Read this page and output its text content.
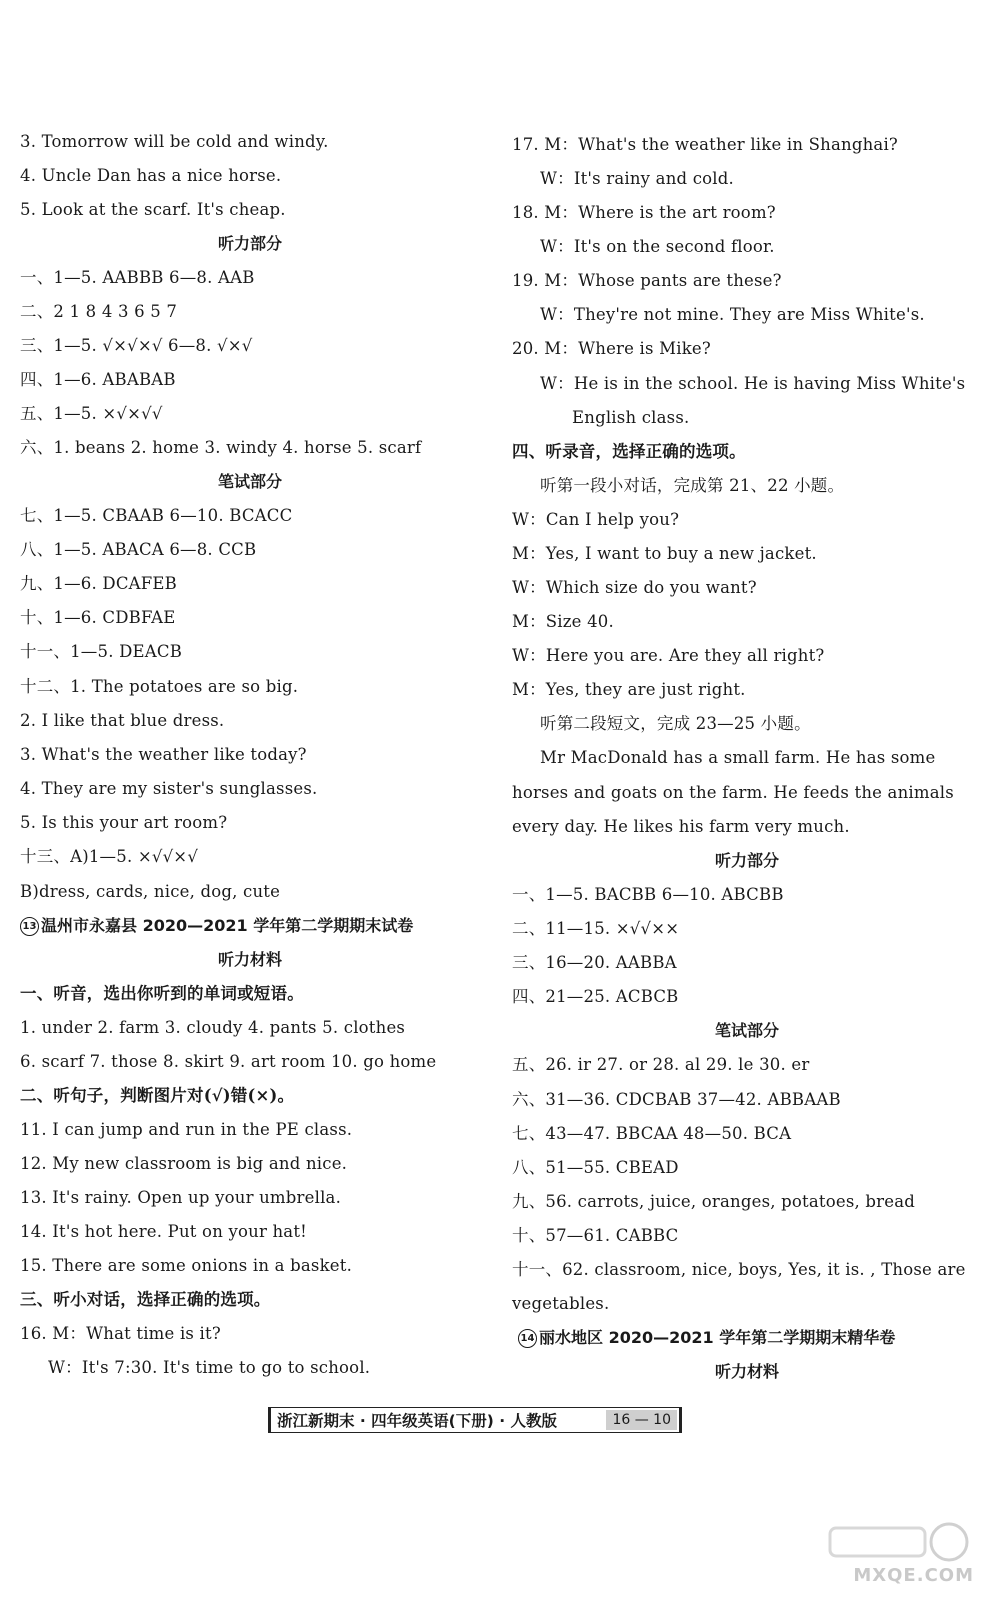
3. Tomorrow will be cold and windy.
4. Uncle Dan has a nice horse.
5. Look at the scarf. It's cheap.
听力部分
一、1—5. AABBB 6—8. AAB
二、2 1 8 4 3 6 5 7
三、1—5. √×√×√ 6—8. √×√
四、1—6. ABABAB
五、1—5. ×√×√√
六、1. beans 2. home 3. windy 4. horse 5. scarf
笔试部分
七、1—5. CBAAB 6—10. BCACC
八、1—5. ABACA 6—8. CCB
九、1—6. DCAFEB
十、1—6. CDBFAE
十一、1—5. DEACB
十二、1. The potatoes are so big.
2. I like that blue dress.
3. What's the weather like today?
4. They are my sister's sunglasses.
5. Is this your art room?
十三、A)1—5. ×√√×√
B)dress, cards, nice, dog, cute
13 温州市永嘉县 2020—2021 学年第二学期期末试卷
听力材料
一、听音，选出你听到的单词或短语。
1. under 2. farm 3. cloudy 4. pants 5. clothes
6. scarf 7. those 8. skirt 9. art room 10. go home
二、听句子，判断图片对(√)错(×)。
11. I can jump and run in the PE class.
12. My new classroom is big and nice.
13. It's rainy. Open up your umbrella.
14. It's hot here. Put on your hat!
15. There are some onions in a basket.
三、听小对话，选择正确的选项。
16. M：What time is it?
W：It's 7:30. It's time to go to school.
17. M：What's the weather like in Shanghai?
W：It's rainy and cold.
18. M：Where is the art room?
W：It's on the second floor.
19. M：Whose pants are these?
W：They're not mine. They are Miss White's.
20. M：Where is Mike?
W：He is in the school. He is having Miss White's
English class.
四、听录音，选择正确的选项。
听第一段小对话，完成第 21、22 小题。
W：Can I help you?
M：Yes, I want to buy a new jacket.
W：Which size do you want?
M：Size 40.
W：Here you are. Are they all right?
M：Yes, they are just right.
听第二段短文，完成 23—25 小题。
Mr MacDonald has a small farm. He has some
horses and goats on the farm. He feeds the animals
every day. He likes his farm very much.
听力部分
一、1—5. BACBB 6—10. ABCBB
二、11—15. ×√√××
三、16—20. AABBA
四、21—25. ACBCB
笔试部分
五、26. ir 27. or 28. al 29. le 30. er
六、31—36. CDCBAB 37—42. ABBAAB
七、43—47. BBCAA 48—50. BCA
八、51—55. CBEAD
九、56. carrots, juice, oranges, potatoes, bread
十、57—61. CABBC
十一、62. classroom, nice, boys, Yes, it is. , Those are
vegetables.
14 丽水地区 2020—2021 学年第二学期期末精华卷
听力材料
浙江新期末 · 四年级英语(下册) · 人教版	16 — 10
MXQE.COM
